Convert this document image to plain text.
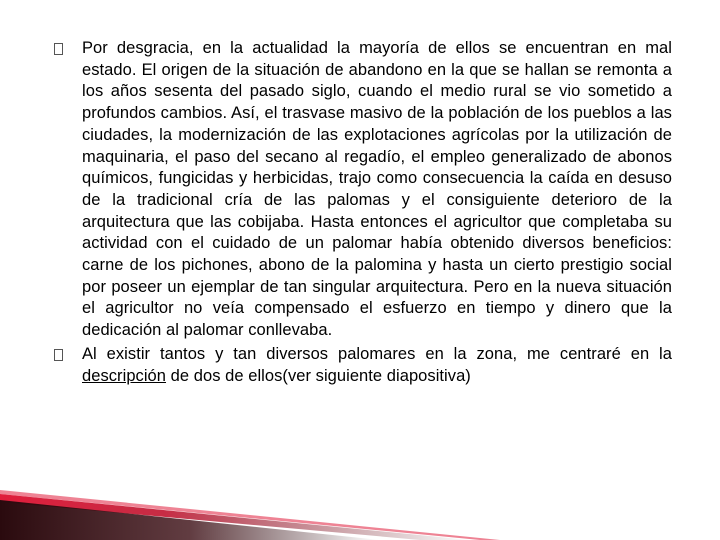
Por desgracia, en la actualidad la mayoría de ellos se encuentran en mal estado. El origen de la situación de abandono en la que se hallan se remonta a los años sesenta del pasado siglo, cuando el medio rural se vio sometido a profundos cambios. Así, el trasvase masivo de la población de los pueblos a las ciudades, la modernización de las explotaciones agrícolas por la utilización de maquinaria, el paso del secano al regadío, el empleo generalizado de abonos químicos, fungicidas y herbicidas, trajo como consecuencia la caída en desuso de la tradicional cría de las palomas y el consiguiente deterioro de la arquitectura que las cobijaba. Hasta entonces el agricultor que completaba su actividad con el cuidado de un palomar había obtenido diversos beneficios: carne de los pichones, abono de la palomina y hasta un cierto prestigio social por poseer un ejemplar de tan singular arquitectura. Pero en la nueva situación el agricultor no veía compensado el esfuerzo en tiempo y dinero que la dedicación al palomar conllevaba.
Al existir tantos y tan diversos palomares en la zona, me centraré en la descripción de dos de ellos(ver siguiente diapositiva)
